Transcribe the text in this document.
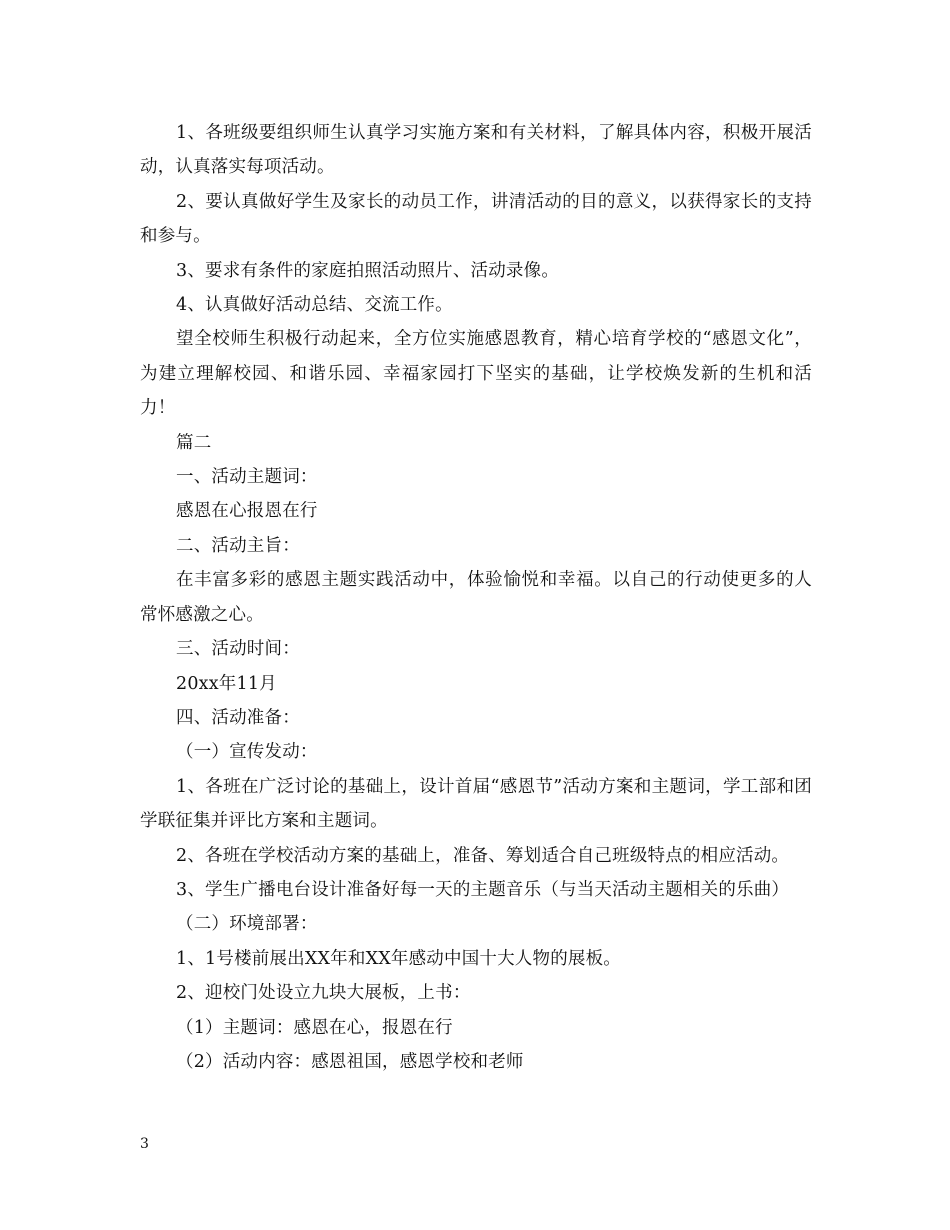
1、各班级要组织师生认真学习实施方案和有关材料，了解具体内容，积极开展活动，认真落实每项活动。

2、要认真做好学生及家长的动员工作，讲清活动的目的意义，以获得家长的支持和参与。

3、要求有条件的家庭拍照活动照片、活动录像。

4、认真做好活动总结、交流工作。

望全校师生积极行动起来，全方位实施感恩教育，精心培育学校的“感恩文化”，为建立理解校园、和谐乐园、幸福家园打下坚实的基础，让学校焕发新的生机和活力！

篇二

一、活动主题词：

感恩在心报恩在行

二、活动主旨：

在丰富多彩的感恩主题实践活动中，体验愉悦和幸福。以自己的行动使更多的人常怀感激之心。

三、活动时间：

20xx年11月

四、活动准备：

（一）宣传发动：

1、各班在广泛讨论的基础上，设计首届“感恩节”活动方案和主题词，学工部和团学联征集并评比方案和主题词。

2、各班在学校活动方案的基础上，准备、筹划适合自己班级特点的相应活动。

3、学生广播电台设计准备好每一天的主题音乐（与当天活动主题相关的乐曲）

（二）环境部署：

1、1号楼前展出XX年和XX年感动中国十大人物的展板。

2、迎校门处设立九块大展板，上书：

（1）主题词：感恩在心，报恩在行

（2）活动内容：感恩祖国，感恩学校和老师

3
